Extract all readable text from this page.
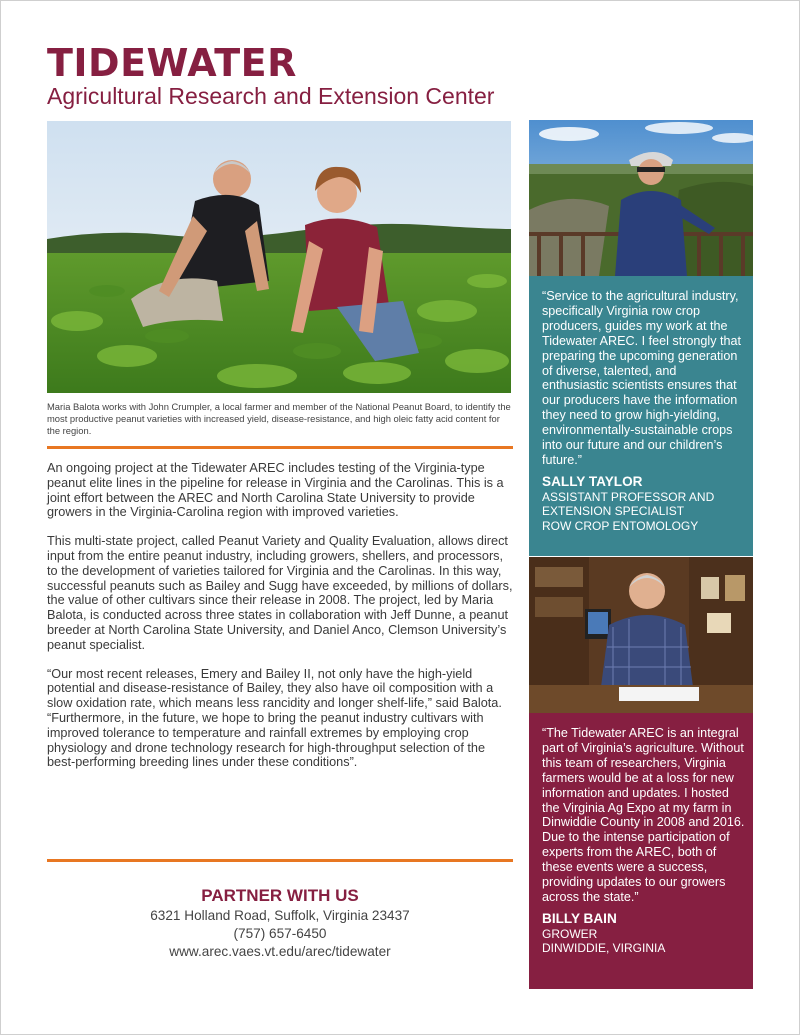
TIDEWATER
Agricultural Research and Extension Center
Maria Balota works with John Crumpler, a local farmer and member of the National Peanut Board, to identify the most productive peanut varieties with increased yield, disease-resistance, and high oleic fatty acid content for the region.

An ongoing project at the Tidewater AREC includes testing of the Virginia-type peanut elite lines in the pipeline for release in Virginia and the Carolinas. This is a joint effort between the AREC and North Carolina State University to provide growers in the Virginia-Carolina region with improved varieties.

This multi-state project, called Peanut Variety and Quality Evaluation, allows direct input from the entire peanut industry, including growers, shellers, and processors, to the development of varieties tailored for Virginia and the Carolinas. In this way, successful peanuts such as Bailey and Sugg have exceeded, by millions of dollars, the value of other cultivars since their release in 2008. The project, led by Maria Balota, is conducted across three states in collaboration with Jeff Dunne, a peanut breeder at North Carolina State University, and Daniel Anco, Clemson University’s peanut specialist.

“Our most recent releases, Emery and Bailey II, not only have the high-yield potential and disease-resistance of Bailey, they also have oil composition with a slow oxidation rate, which means less rancidity and longer shelf-life,” said Balota. “Furthermore, in the future, we hope to bring the peanut industry cultivars with improved tolerance to temperature and rainfall extremes by employing crop physiology and drone technology research for high-throughput selection of the best-performing breeding lines under these conditions”.

PARTNER WITH US
6321 Holland Road, Suffolk, Virginia 23437
(757) 657-6450
www.arec.vaes.vt.edu/arec/tidewater
“Service to the agricultural industry, specifically Virginia row crop producers, guides my work at the Tidewater AREC. I feel strongly that preparing the upcoming generation of diverse, talented, and enthusiastic scientists ensures that our producers have the information they need to grow high-yielding, environmentally-sustainable crops into our future and our children’s future.”
SALLY TAYLOR
ASSISTANT PROFESSOR AND
EXTENSION SPECIALIST
ROW CROP ENTOMOLOGY
“The Tidewater AREC is an integral part of Virginia’s agriculture. Without this team of researchers, Virginia farmers would be at a loss for new information and updates. I hosted the Virginia Ag Expo at my farm in Dinwiddie County in 2008 and 2016. Due to the intense participation of experts from the AREC, both of these events were a success, providing updates to our growers across the state.”
BILLY BAIN
GROWER
DINWIDDIE, VIRGINIA
